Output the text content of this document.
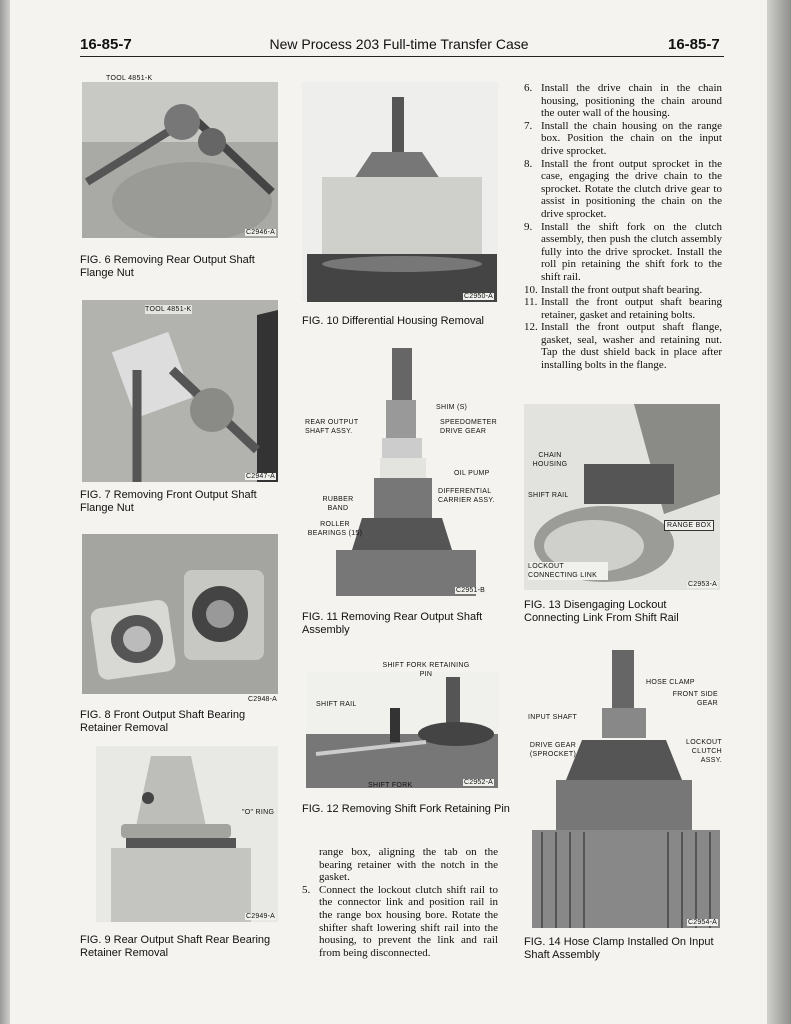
16-85-7	New Process 203 Full-time Transfer Case	16-85-7
C2946-A
TOOL 4851-K
FIG. 6 Removing Rear Output Shaft Flange Nut
C2947-A
TOOL 4851-K
FIG. 7 Removing Front Output Shaft Flange Nut
C2948-A
FIG. 8 Front Output Shaft Bearing Retainer Removal
C2949-A
"O" RING
FIG. 9 Rear Output Shaft Rear Bearing Retainer Removal
C2950-A
FIG. 10 Differential Housing Removal
C2951-B
SHIM (S)
REAR OUTPUT SHAFT ASSY.
SPEEDOMETER DRIVE GEAR
OIL PUMP
DIFFERENTIAL CARRIER ASSY.
RUBBER BAND
ROLLER BEARINGS (15)
FIG. 11 Removing Rear Output Shaft Assembly
C2952-A
SHIFT FORK RETAINING PIN
SHIFT RAIL
SHIFT FORK
FIG. 12 Removing Shift Fork Retaining Pin

range box, aligning the tab on the bearing retainer with the notch in the gasket.

5. Connect the lockout clutch shift rail to the connector link and position rail in the range box housing bore. Rotate the shifter shaft lowering shift rail into the housing, to prevent the link and rail from being disconnected.
6. Install the drive chain in the chain housing, positioning the chain around the outer wall of the housing.
7. Install the chain housing on the range box. Position the chain on the input drive sprocket.
8. Install the front output sprocket in the case, engaging the drive chain to the sprocket. Rotate the clutch drive gear to assist in positioning the chain on the drive sprocket.
9. Install the shift fork on the clutch assembly, then push the clutch assembly fully into the drive sprocket. Install the roll pin retaining the shift fork to the shift rail.
10. Install the front output shaft bearing.
11. Install the front output shaft bearing retainer, gasket and retaining bolts.
12. Install the front output shaft flange, gasket, seal, washer and retaining nut. Tap the dust shield back in place after installing bolts in the flange.
C2953-A
CHAIN HOUSING
SHIFT RAIL
RANGE BOX
LOCKOUT CONNECTING LINK
FIG. 13 Disengaging Lockout Connecting Link From Shift Rail
C2954-A
HOSE CLAMP
FRONT SIDE GEAR
INPUT SHAFT
DRIVE GEAR (SPROCKET)
LOCKOUT CLUTCH ASSY.
FIG. 14 Hose Clamp Installed On Input Shaft Assembly
